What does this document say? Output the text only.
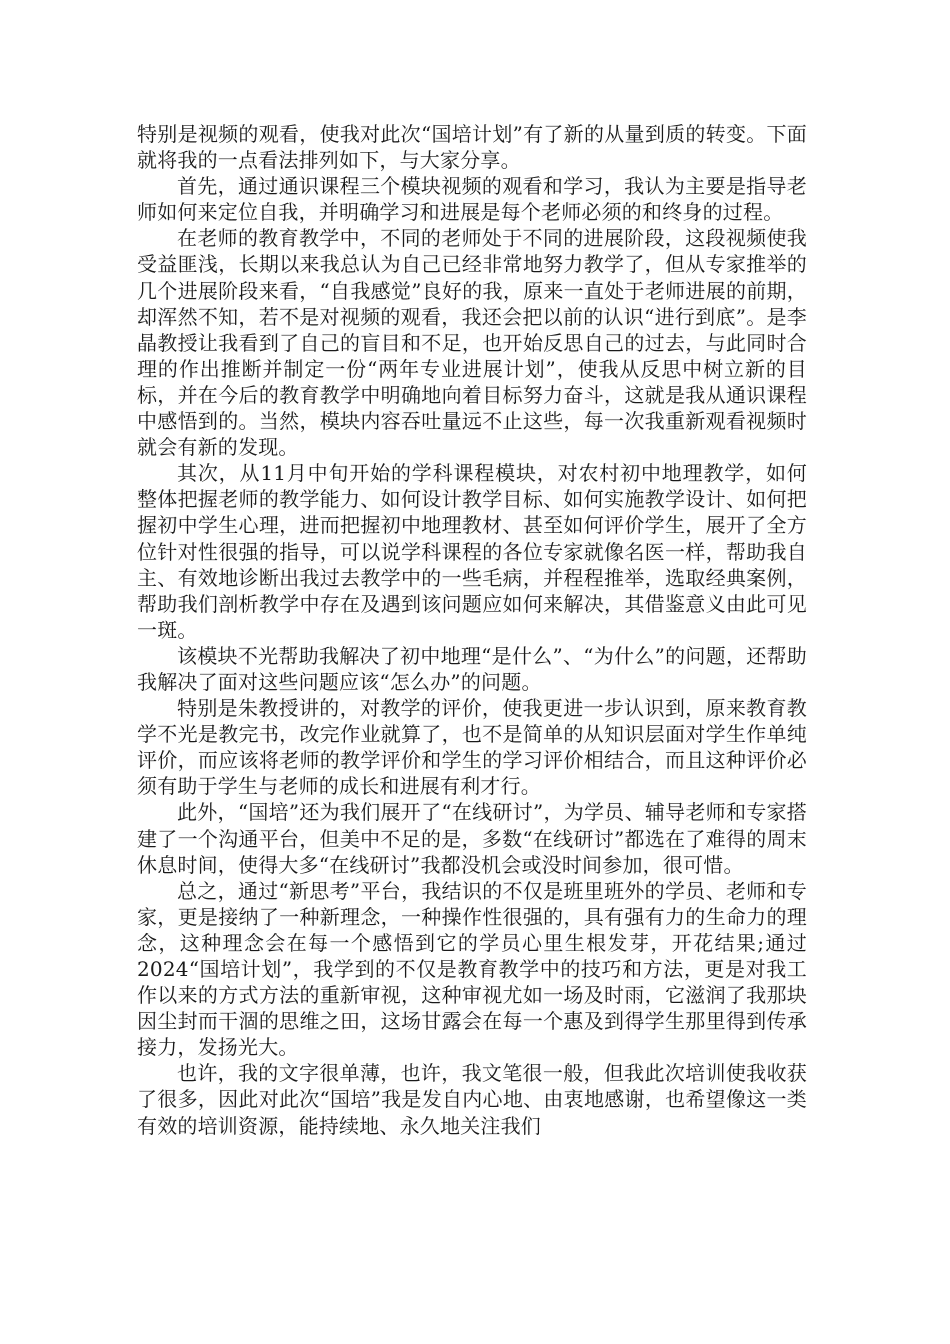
特别是视频的观看，使我对此次“国培计划”有了新的从量到质的转变。下面就将我的一点看法排列如下，与大家分享。

首先，通过通识课程三个模块视频的观看和学习，我认为主要是指导老师如何来定位自我，并明确学习和进展是每个老师必须的和终身的过程。

在老师的教育教学中，不同的老师处于不同的进展阶段，这段视频使我受益匪浅，长期以来我总认为自己已经非常地努力教学了，但从专家推举的几个进展阶段来看，“自我感觉”良好的我，原来一直处于老师进展的前期，却浑然不知，若不是对视频的观看，我还会把以前的认识“进行到底”。是李晶教授让我看到了自己的盲目和不足，也开始反思自己的过去，与此同时合理的作出推断并制定一份“两年专业进展计划”，使我从反思中树立新的目标，并在今后的教育教学中明确地向着目标努力奋斗，这就是我从通识课程中感悟到的。当然，模块内容吞吐量远不止这些，每一次我重新观看视频时就会有新的发现。

其次，从11月中旬开始的学科课程模块，对农村初中地理教学，如何整体把握老师的教学能力、如何设计教学目标、如何实施教学设计、如何把握初中学生心理，进而把握初中地理教材、甚至如何评价学生，展开了全方位针对性很强的指导，可以说学科课程的各位专家就像名医一样，帮助我自主、有效地诊断出我过去教学中的一些毛病，并程程推举，选取经典案例，帮助我们剖析教学中存在及遇到该问题应如何来解决，其借鉴意义由此可见一斑。

该模块不光帮助我解决了初中地理“是什么”、“为什么”的问题，还帮助我解决了面对这些问题应该“怎么办”的问题。

特别是朱教授讲的，对教学的评价，使我更进一步认识到，原来教育教学不光是教完书，改完作业就算了，也不是简单的从知识层面对学生作单纯评价，而应该将老师的教学评价和学生的学习评价相结合，而且这种评价必须有助于学生与老师的成长和进展有利才行。

此外，“国培”还为我们展开了“在线研讨”，为学员、辅导老师和专家搭建了一个沟通平台，但美中不足的是，多数“在线研讨”都选在了难得的周末休息时间，使得大多“在线研讨”我都没机会或没时间参加，很可惜。

总之，通过“新思考”平台，我结识的不仅是班里班外的学员、老师和专家，更是接纳了一种新理念，一种操作性很强的，具有强有力的生命力的理念，这种理念会在每一个感悟到它的学员心里生根发芽，开花结果;通过2024“国培计划”，我学到的不仅是教育教学中的技巧和方法，更是对我工作以来的方式方法的重新审视，这种审视尤如一场及时雨，它滋润了我那块因尘封而干涸的思维之田，这场甘露会在每一个惠及到得学生那里得到传承接力，发扬光大。

也许，我的文字很单薄，也许，我文笔很一般，但我此次培训使我收获了很多，因此对此次“国培”我是发自内心地、由衷地感谢，也希望像这一类有效的培训资源，能持续地、永久地关注我们
